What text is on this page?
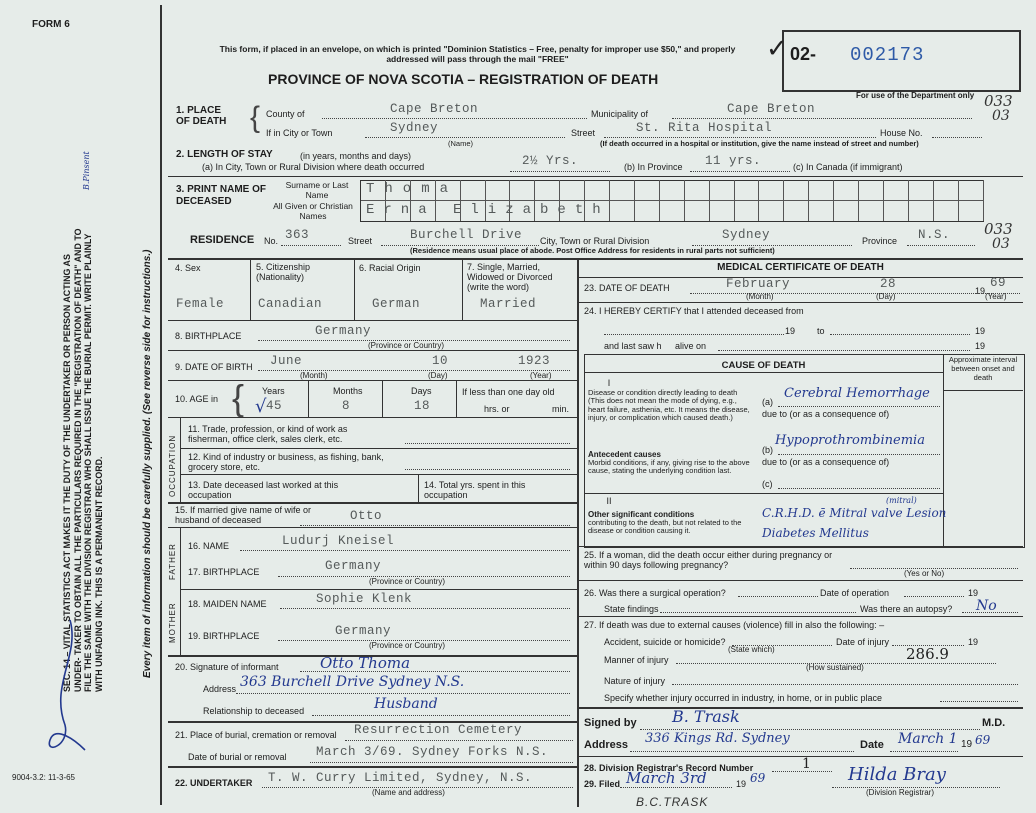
FORM 6
SEC. 14 – VITAL STATISTICS ACT MAKES IT THE DUTY OF THE UNDERTAKER OR PERSON ACTING AS UNDER- TAKER TO OBTAIN ALL THE PARTICULARS REQUIRED IN THE "REGISTRATION OF DEATH" AND TO FILE THE SAME WITH THE DIVISION REGISTRAR WHO SHALL ISSUE THE BURIAL PERMIT. WRITE PLAINLY WITH UNFADING INK. THIS IS A PERMANENT RECORD.	Every item of information should be carefully supplied. (See reverse side for instructions.)
B.Pinsent
9004-3.2: 11-3-65
This form, if placed in an envelope, on which is printed "Dominion Statistics – Free, penalty for improper use $50," and properly addressed will pass through the mail "FREE"
PROVINCE OF NOVA SCOTIA – REGISTRATION OF DEATH
✓ 02- 002173
For use of the Department only 033
03
033
03
1. PLACE OF DEATH { County of	Cape Breton	Municipality of	Cape Breton
If in City or Town	Sydney
(Name)
Street	St. Rita Hospital	House No.
(If death occurred in a hospital or institution, give the name instead of street and number)
2. LENGTH OF STAY	(in years, months and days)
(a) In City, Town or Rural Division where death occurred	2½ Yrs.	(b) In Province 11 yrs.	(c) In Canada (if immigrant)
3. PRINT NAME OF DECEASED
Surname or Last Name
All Given or Christian Names
Thoma
Erna Elizabeth
RESIDENCE No. 363	Street	Burchell Drive City, Town or Rural Division	Sydney	Province N.S.
(Residence means usual place of abode. Post Office Address for residents in rural parts not sufficient)
4. Sex
Female
5. Citizenship (Nationality)
Canadian
6. Racial Origin
German
7. Single, Married, Widowed or Divorced (write the word)
Married
8. BIRTHPLACE	Germany
(Province or Country)
9. DATE OF BIRTH June	10	1923
(Month)	(Day)	(Year)
10. AGE in { Years
√ 45
Months
8
Days
18
If less than one day old
hrs. or	min.
OCCUPATION
11. Trade, profession, or kind of work as fisherman, office clerk, sales clerk, etc.
12. Kind of industry or business, as fishing, bank, grocery store, etc.
13. Date deceased last worked at this occupation
14. Total yrs. spent in this occupation
15. If married give name of wife or husband of deceased	Otto
FATHER 16. NAME	Ludurj Kneisel
17. BIRTHPLACE	Germany
(Province or Country)
MOTHER 18. MAIDEN NAME	Sophie Klenk
19. BIRTHPLACE	Germany
(Province or Country)
20. Signature of informant	Otto Thoma
Address 363 Burchell Drive Sydney N.S.
Relationship to deceased	Husband
21. Place of burial, cremation or removal Resurrection Cemetery
Date of burial or removal March 3/69. Sydney Forks N.S.
22. UNDERTAKER T. W. Curry Limited, Sydney, N.S.
(Name and address)
MEDICAL CERTIFICATE OF DEATH
23. DATE OF DEATH	February	28	19
69
(Month)	(Day)	(Year)
24. I HEREBY CERTIFY that I attended deceased from
19 to	19
and last saw h alive on	19
CAUSE OF DEATH
Approximate interval between onset and death
I
Disease or condition directly leading to death (This does not mean the mode of dying, e.g., heart failure, asthenia, etc. It means the disease, injury, or complication which caused death.)
(a)
Cerebral Hemorrhage
due to (or as a consequence of)
Antecedent causes
Morbid conditions, if any, giving rise to the above cause, stating the underlying condition last.
(b)
Hypoprothrombinemia
due to (or as a consequence of)
(c)
II
Other significant conditions
contributing to the death, but not related to the disease or condition causing it.
(mitral)
C.R.H.D. ē Mitral valve Lesion
Diabetes Mellitus
25. If a woman, did the death occur either during pregnancy or within 90 days following pregnancy?
(Yes or No)
26. Was there a surgical operation?	Date of operation	19
State findings	Was there an autopsy? No
27. If death was due to external causes (violence) fill in also the following: –
Accident, suicide or homicide?	Date of injury	19
(State which)	286.9
Manner of injury
(How sustained)
Nature of injury
Specify whether injury occurred in industry, in home, or in public place
Signed by B. Trask	M.D.
Address 336 Kings Rd. Sydney	Date March 1 19 69
28. Division Registrar's Record Number	1
29. Filed March 3rd	19 69	Hilda Bray
(Division Registrar)
B.C.TRASK
